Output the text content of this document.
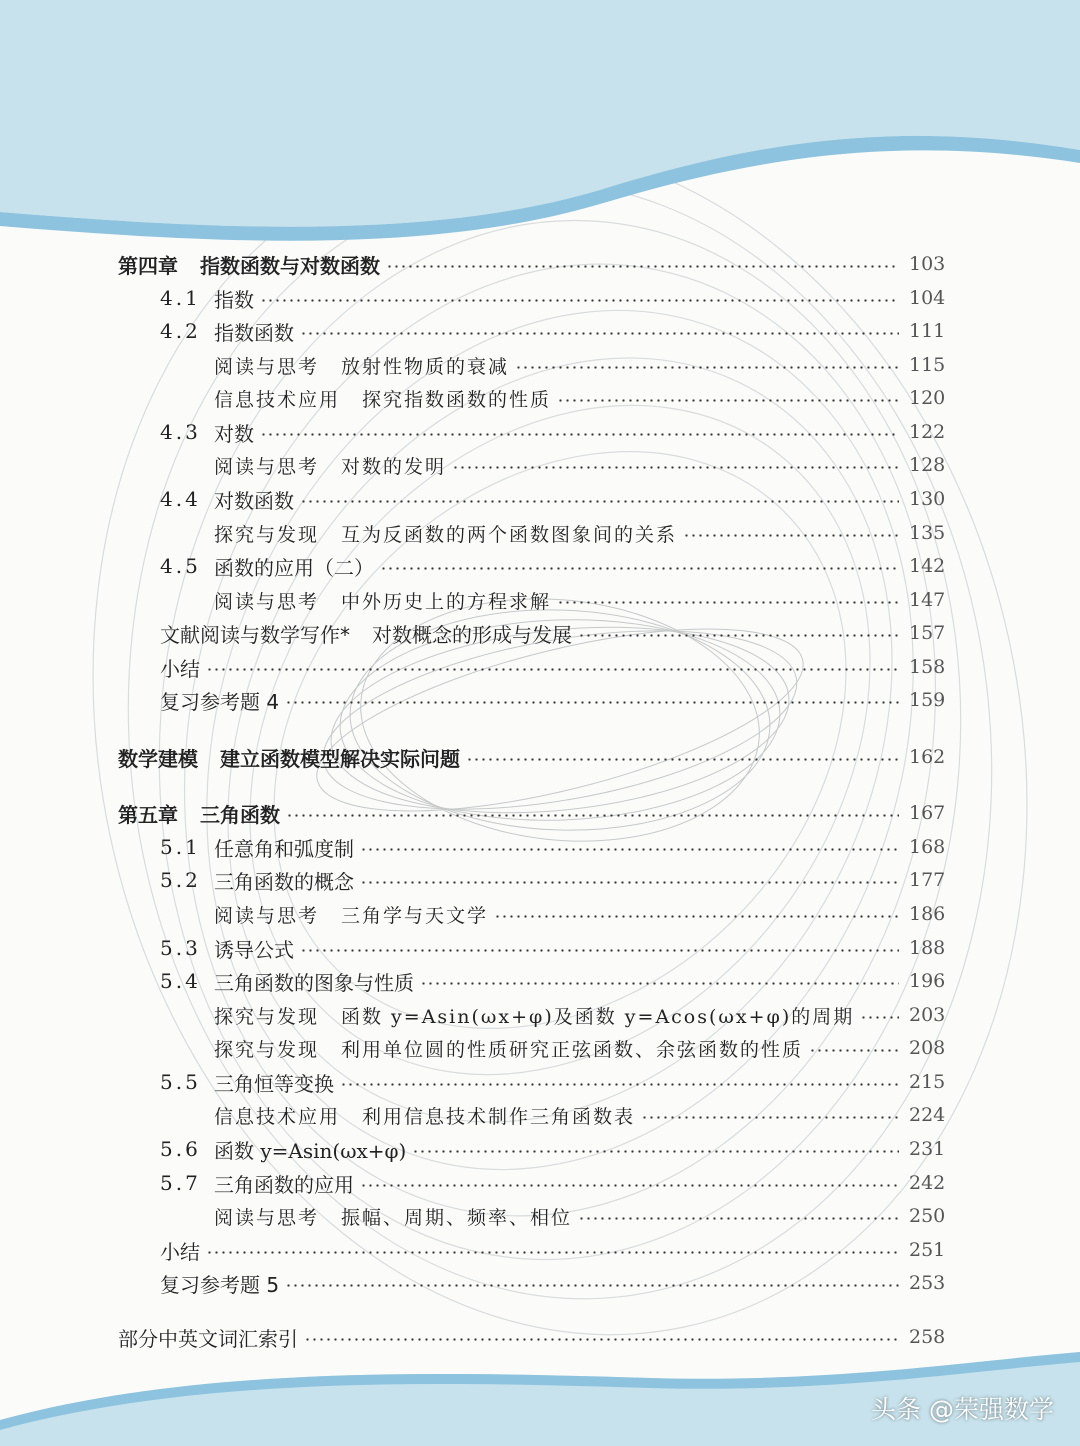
第四章 指数函数与对数函数	103
4.1 指数	104
4.2 指数函数	111
阅读与思考 放射性物质的衰减	115
信息技术应用 探究指数函数的性质	120
4.3 对数	122
阅读与思考 对数的发明	128
4.4 对数函数	130
探究与发现 互为反函数的两个函数图象间的关系	135
4.5 函数的应用（二）	142
阅读与思考 中外历史上的方程求解	147
文献阅读与数学写作* 对数概念的形成与发展	157
小结	158
复习参考题 4	159
数学建模 建立函数模型解决实际问题	162
第五章 三角函数	167
5.1 任意角和弧度制	168
5.2 三角函数的概念	177
阅读与思考 三角学与天文学	186
5.3 诱导公式	188
5.4 三角函数的图象与性质	196
探究与发现 函数 y=Asin(ωx+φ)及函数 y=Acos(ωx+φ)的周期	203
探究与发现 利用单位圆的性质研究正弦函数、余弦函数的性质	208
5.5 三角恒等变换	215
信息技术应用 利用信息技术制作三角函数表	224
5.6 函数 y=Asin(ωx+φ)	231
5.7 三角函数的应用	242
阅读与思考 振幅、周期、频率、相位	250
小结	251
复习参考题 5	253
部分中英文词汇索引	258
头条 @荣强数学
